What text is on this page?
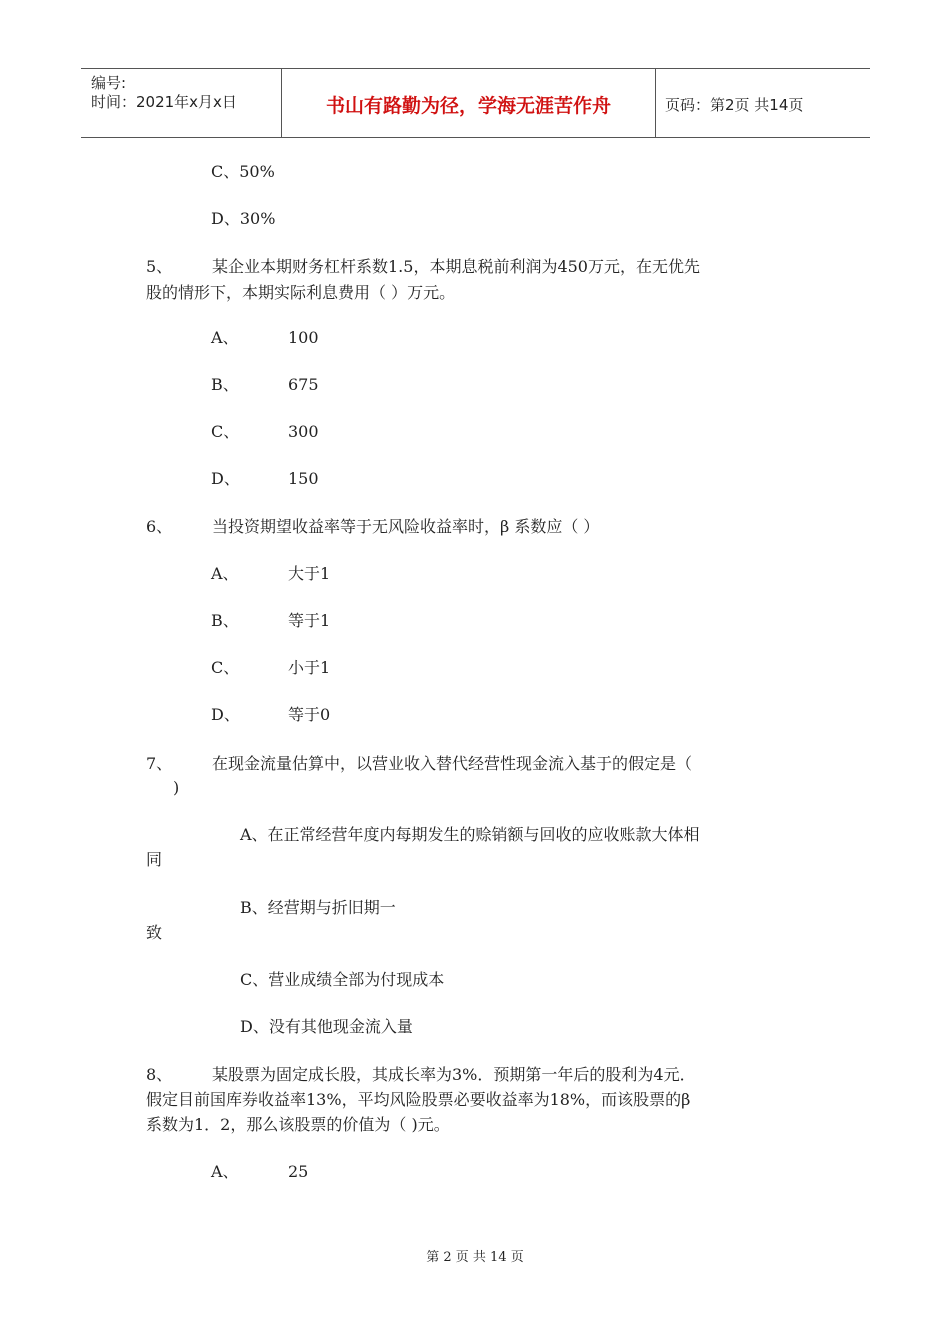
编号:
时间：2021年x月x日	书山有路勤为径，学海无涯苦作舟	页码：第2页 共14页
C、50%
D、30%
5、 某企业本期财务杠杆系数1.5，本期息税前利润为450万元，在无优先
股的情形下，本期实际利息费用（ ）万元。
A、	100
B、	675
C、	300
D、	150
6、 当投资期望收益率等于无风险收益率时，β 系数应（ ）
A、	大于1
B、	等于1
C、	小于1
D、	等于0
7、 在现金流量估算中，以营业收入替代经营性现金流入基于的假定是（
)
A、在正常经营年度内每期发生的赊销额与回收的应收账款大体相
同
B、经营期与折旧期一
致
C、营业成绩全部为付现成本
D、没有其他现金流入量
8、 某股票为固定成长股，其成长率为3%．预期第一年后的股利为4元．
假定目前国库券收益率13%，平均风险股票必要收益率为18%，而该股票的β
系数为1．2，那么该股票的价值为（ )元。
A、	25
第 2 页 共 14 页
